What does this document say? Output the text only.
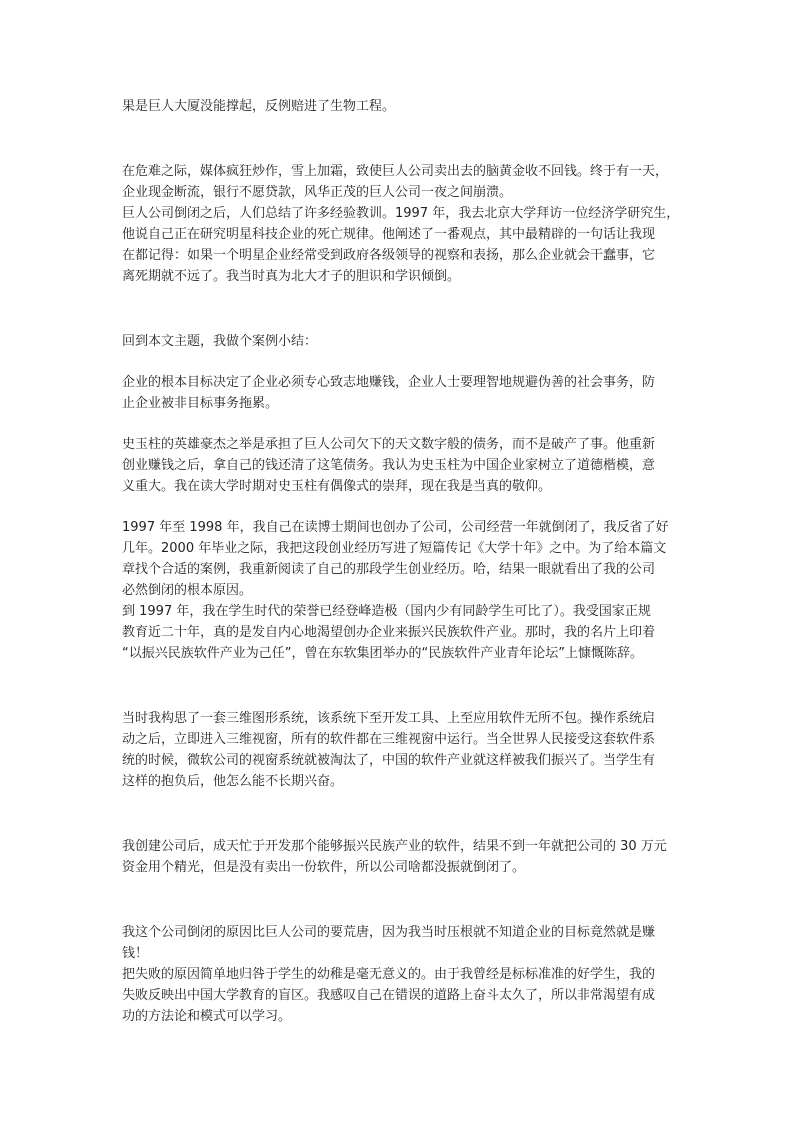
果是巨人大厦没能撑起，反例赔进了生物工程。

在危难之际，媒体疯狂炒作，雪上加霜，致使巨人公司卖出去的脑黄金收不回钱。终于有一天，
企业现金断流，银行不愿贷款，风华正茂的巨人公司一夜之间崩溃。
巨人公司倒闭之后，人们总结了许多经验教训。1997 年，我去北京大学拜访一位经济学研究生，
他说自己正在研究明星科技企业的死亡规律。他阐述了一番观点，其中最精辟的一句话让我现
在都记得：如果一个明星企业经常受到政府各级领导的视察和表扬，那么企业就会干蠢事，它
离死期就不远了。我当时真为北大才子的胆识和学识倾倒。

回到本文主题，我做个案例小结：

企业的根本目标决定了企业必须专心致志地赚钱，企业人士要理智地规避伪善的社会事务，防
止企业被非目标事务拖累。

史玉柱的英雄豪杰之举是承担了巨人公司欠下的天文数字般的债务，而不是破产了事。他重新
创业赚钱之后，拿自己的钱还清了这笔债务。我认为史玉柱为中国企业家树立了道德楷模，意
义重大。我在读大学时期对史玉柱有偶像式的崇拜，现在我是当真的敬仰。

1997 年至 1998 年，我自己在读博士期间也创办了公司，公司经营一年就倒闭了，我反省了好
几年。2000 年毕业之际，我把这段创业经历写进了短篇传记《大学十年》之中。为了给本篇文
章找个合适的案例，我重新阅读了自己的那段学生创业经历。哈，结果一眼就看出了我的公司
必然倒闭的根本原因。
到 1997 年，我在学生时代的荣誉已经登峰造极（国内少有同龄学生可比了）。我受国家正规
教育近二十年，真的是发自内心地渴望创办企业来振兴民族软件产业。那时，我的名片上印着
“以振兴民族软件产业为己任”，曾在东软集团举办的“民族软件产业青年论坛”上慷慨陈辞。

当时我构思了一套三维图形系统，该系统下至开发工具、上至应用软件无所不包。操作系统启
动之后，立即进入三维视窗，所有的软件都在三维视窗中运行。当全世界人民接受这套软件系
统的时候，微软公司的视窗系统就被淘汰了，中国的软件产业就这样被我们振兴了。当学生有
这样的抱负后，他怎么能不长期兴奋。

我创建公司后，成天忙于开发那个能够振兴民族产业的软件，结果不到一年就把公司的 30 万元
资金用个精光，但是没有卖出一份软件，所以公司啥都没振就倒闭了。

我这个公司倒闭的原因比巨人公司的要荒唐，因为我当时压根就不知道企业的目标竟然就是赚
钱！
把失败的原因简单地归咎于学生的幼稚是毫无意义的。由于我曾经是标标准准的好学生，我的
失败反映出中国大学教育的盲区。我感叹自己在错误的道路上奋斗太久了，所以非常渴望有成
功的方法论和模式可以学习。
